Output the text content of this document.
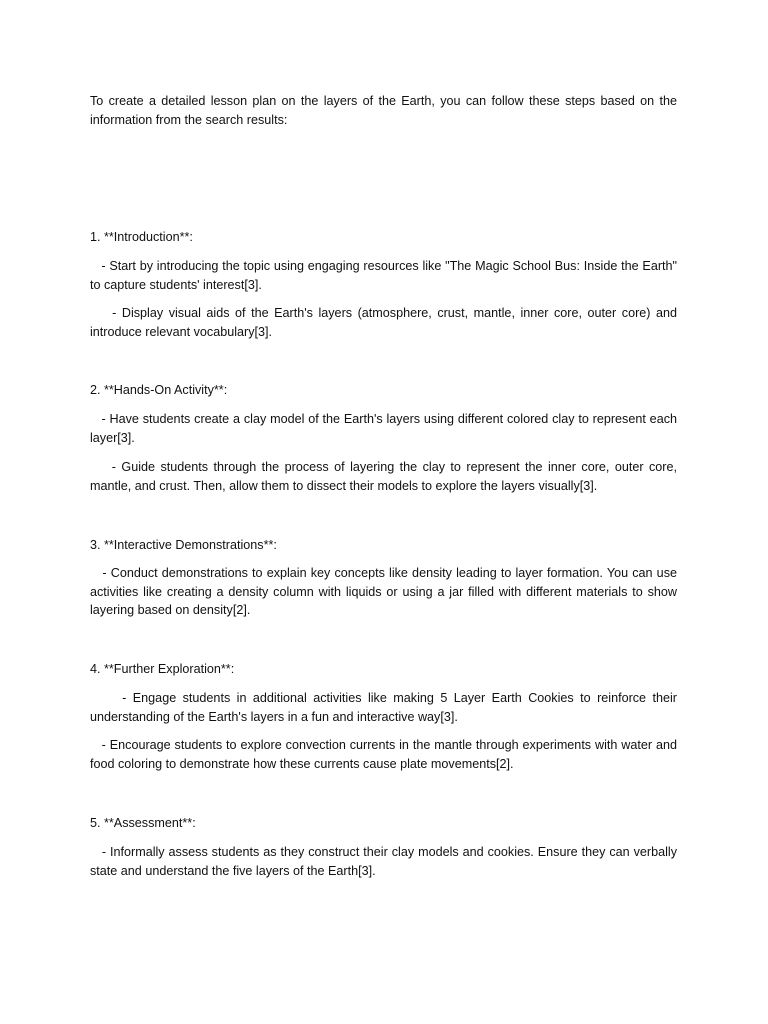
To create a detailed lesson plan on the layers of the Earth, you can follow these steps based on the information from the search results:

1. **Introduction**:

- Start by introducing the topic using engaging resources like "The Magic School Bus: Inside the Earth" to capture students' interest[3].

- Display visual aids of the Earth's layers (atmosphere, crust, mantle, inner core, outer core) and introduce relevant vocabulary[3].

2. **Hands-On Activity**:

- Have students create a clay model of the Earth's layers using different colored clay to represent each layer[3].

- Guide students through the process of layering the clay to represent the inner core, outer core, mantle, and crust. Then, allow them to dissect their models to explore the layers visually[3].

3. **Interactive Demonstrations**:

- Conduct demonstrations to explain key concepts like density leading to layer formation. You can use activities like creating a density column with liquids or using a jar filled with different materials to show layering based on density[2].

4. **Further Exploration**:

- Engage students in additional activities like making 5 Layer Earth Cookies to reinforce their understanding of the Earth's layers in a fun and interactive way[3].

- Encourage students to explore convection currents in the mantle through experiments with water and food coloring to demonstrate how these currents cause plate movements[2].

5. **Assessment**:

- Informally assess students as they construct their clay models and cookies. Ensure they can verbally state and understand the five layers of the Earth[3].
